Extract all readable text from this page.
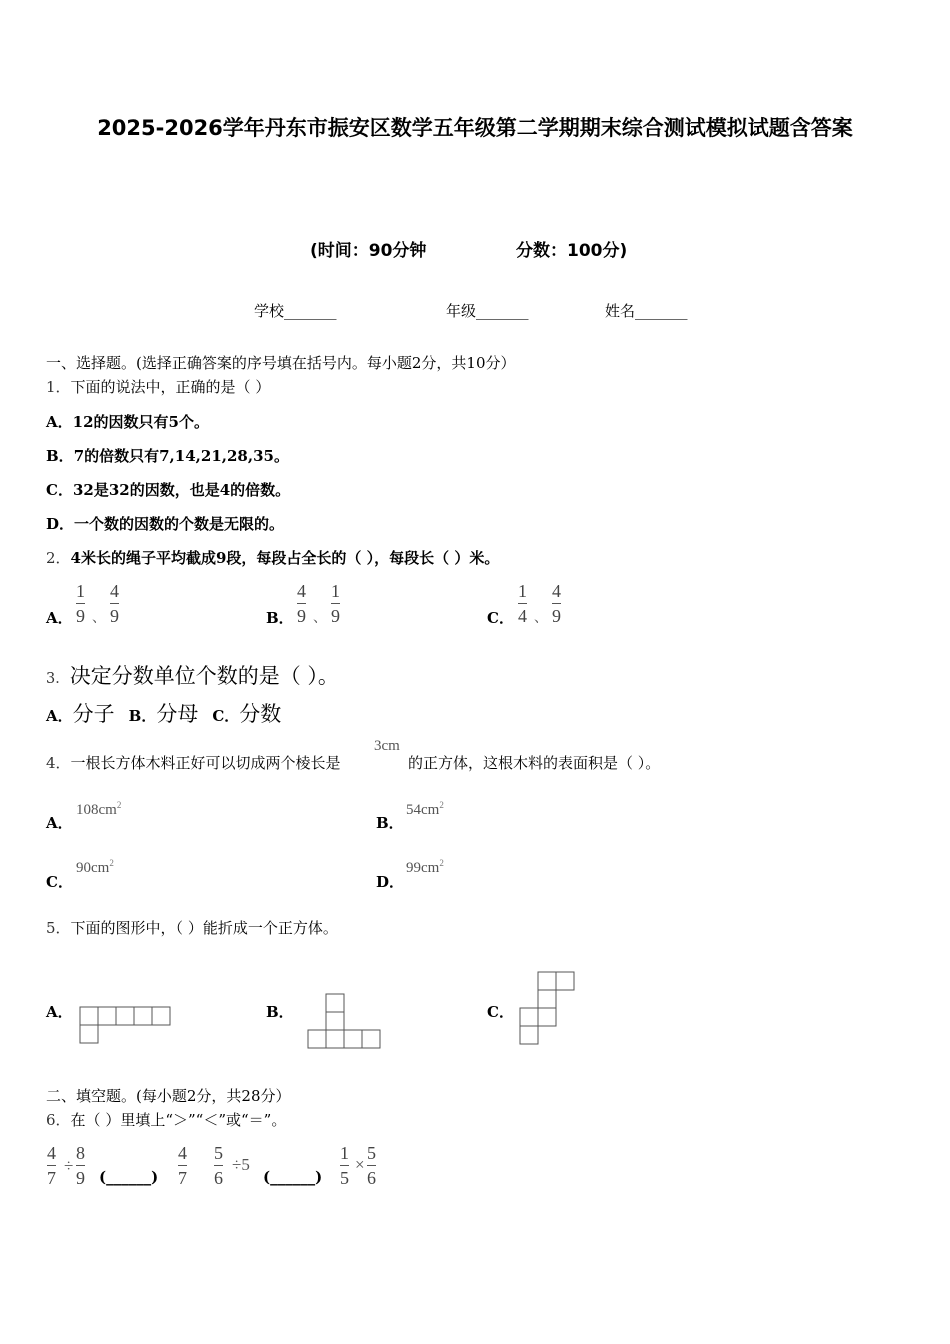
2025-2026学年丹东市振安区数学五年级第二学期期末综合测试模拟试题含答案
(时间：90分钟	分数：100分)
学校_______	年级_______	姓名_______
一、选择题。(选择正确答案的序号填在括号内。每小题2分，共10分）
1．下面的说法中，正确的是（ ）
A．12的因数只有5个。
B．7的倍数只有7,14,21,28,35。
C．32是32的因数，也是4的倍数。
D．一个数的因数的个数是无限的。
2．4米长的绳子平均截成9段，每段占全长的（ ），每段长（ ）米。
A．
1
9 、
4
9	B．
4
9 、
1
9	C．
1
4 、
4
9
3．决定分数单位个数的是（ ）。
A．分子 B．分母 C．分数
4．一根长方体木料正好可以切成两个棱长是
3cm
的正方体，这根木料的表面积是（ ）。
A．
$108cm^2$
B．
$54cm^2$
C．
$90cm^2$
D．
$99cm^2$
5．下面的图形中，（ ）能折成一个正方体。
A．	B．	C．
二、填空题。(每小题2分，共28分）
6．在（ ）里填上“＞”“＜”或“＝”。
4
7
÷
8
9 (______)
4
7
5
6
÷5
(______)
1
5
×
5
6
